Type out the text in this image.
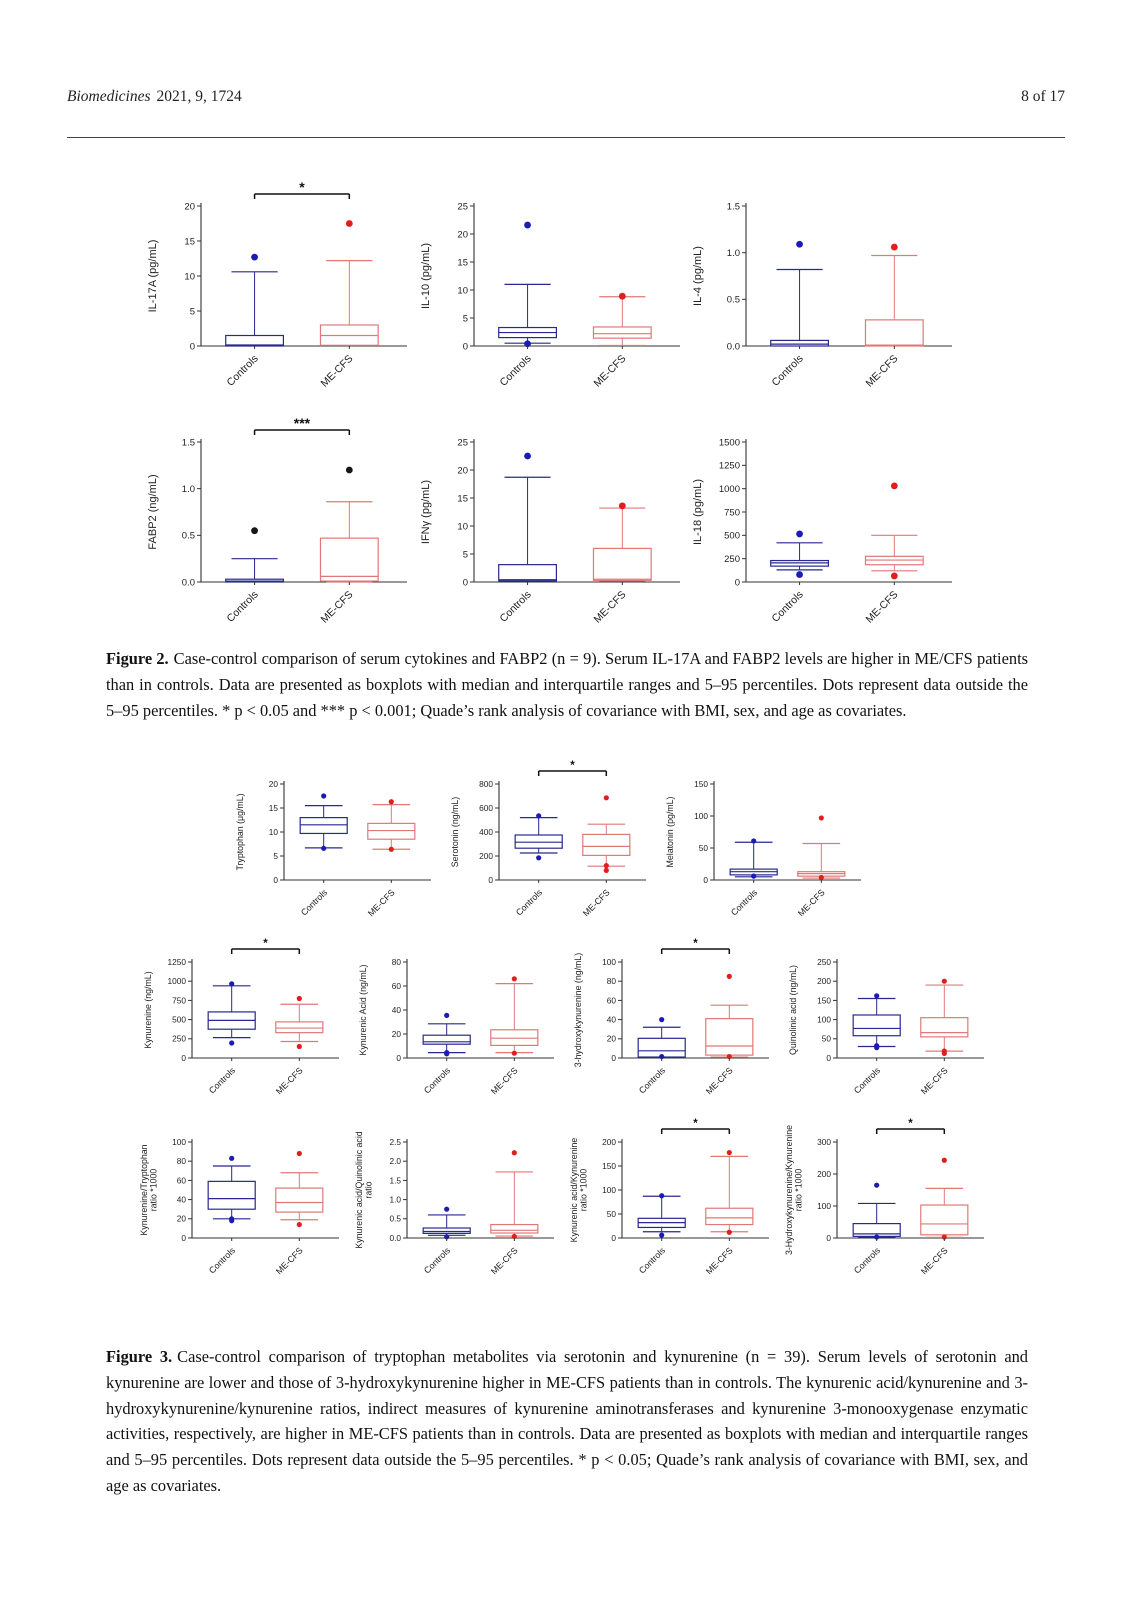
Biomedicines 2021, 9, 1724	8 of 17
0
5
10
15
20
IL-17A (pg/mL)
Controls	ME-CFS
*
0
5
10
15
20
25
IL-10 (pg/mL)
Controls	ME-CFS
0.0
0.5
1.0
1.5
IL-4 (pg/mL)
Controls	ME-CFS
0.0
0.5
1.0
1.5
FABP2 (ng/mL)
Controls	ME-CFS
***
0
5
10
15
20
25
IFNγ (pg/mL)
Controls	ME-CFS
0
250
500
750
1000
1250
1500
IL-18 (pg/mL)
Controls	ME-CFS

Figure 2. Case-control comparison of serum cytokines and FABP2 (n = 9). Serum IL-17A and FABP2 levels are higher in ME/CFS patients than in controls. Data are presented as boxplots with median and interquartile ranges and 5–95 percentiles. Dots represent data outside the 5–95 percentiles. * p < 0.05 and *** p < 0.001; Quade’s rank analysis of covariance with BMI, sex, and age as covariates.

0
5
10
15
20
Tryptophan (μg/mL)
Controls	ME-CFS
0
200
400
600
800
Serotonin (ng/mL)
Controls	ME-CFS
*
0
50
100
150
Melatonin (pg/mL)
Controls	ME-CFS
0
250
500
750
1000
1250
Kynurenine (ng/mL)
Controls	ME-CFS
*
0
20
40
60
80
Kynurenic Acid (ng/mL)
Controls	ME-CFS
0
20
40
60
80
100
3-hydroxykynurenine (ng/mL)
Controls	ME-CFS
*
0
50
100
150
200
250
Quinolinic acid (ng/mL)
Controls	ME-CFS
0
20
40
60
80
100
Kynurenine/Tryptophan ratio *1000
Controls	ME-CFS
0.0
0.5
1.0
1.5
2.0
2.5
Kynurenic acid/Quinolinic acid ratio
Controls	ME-CFS
0
50
100
150
200
Kynurenic acid/Kynurenine ratio *1000
Controls	ME-CFS
*
0
100
200
300
3-Hydroxykynurenine/Kynurenine ratio *1000
Controls	ME-CFS
*

Figure 3. Case-control comparison of tryptophan metabolites via serotonin and kynurenine (n = 39). Serum levels of serotonin and kynurenine are lower and those of 3-hydroxykynurenine higher in ME-CFS patients than in controls. The kynurenic acid/kynurenine and 3-hydroxykynurenine/kynurenine ratios, indirect measures of kynurenine aminotransferases and kynurenine 3-monooxygenase enzymatic activities, respectively, are higher in ME-CFS patients than in controls. Data are presented as boxplots with median and interquartile ranges and 5–95 percentiles. Dots represent data outside the 5–95 percentiles. * p < 0.05; Quade’s rank analysis of covariance with BMI, sex, and age as covariates.
